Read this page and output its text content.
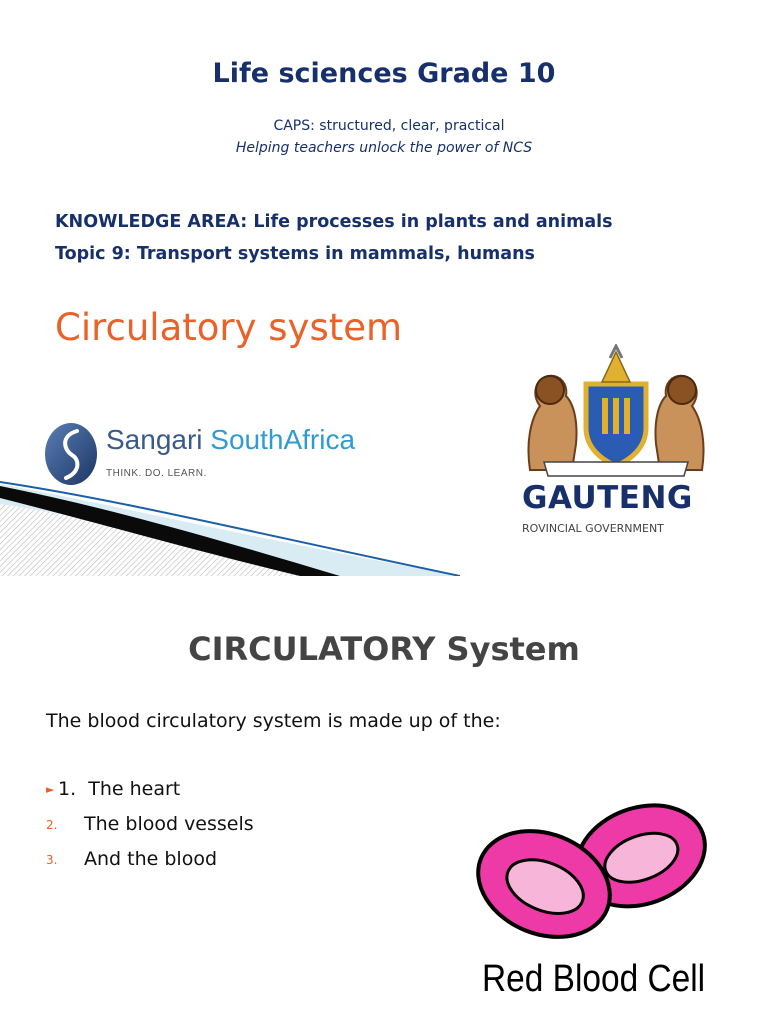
Life sciences Grade 10
CAPS: structured, clear, practical
Helping teachers unlock the power of NCS
KNOWLEDGE AREA: Life processes in plants and animals
Topic 9: Transport systems in mammals, humans
Circulatory system
Sangari SouthAfrica
THINK. DO. LEARN.
GAUTENG
ROVINCIAL GOVERNMENT
CIRCULATORY System
The blood circulatory system is made up of the:
► 1. The heart
2. The blood vessels
3. And the blood
Red Blood Cell
